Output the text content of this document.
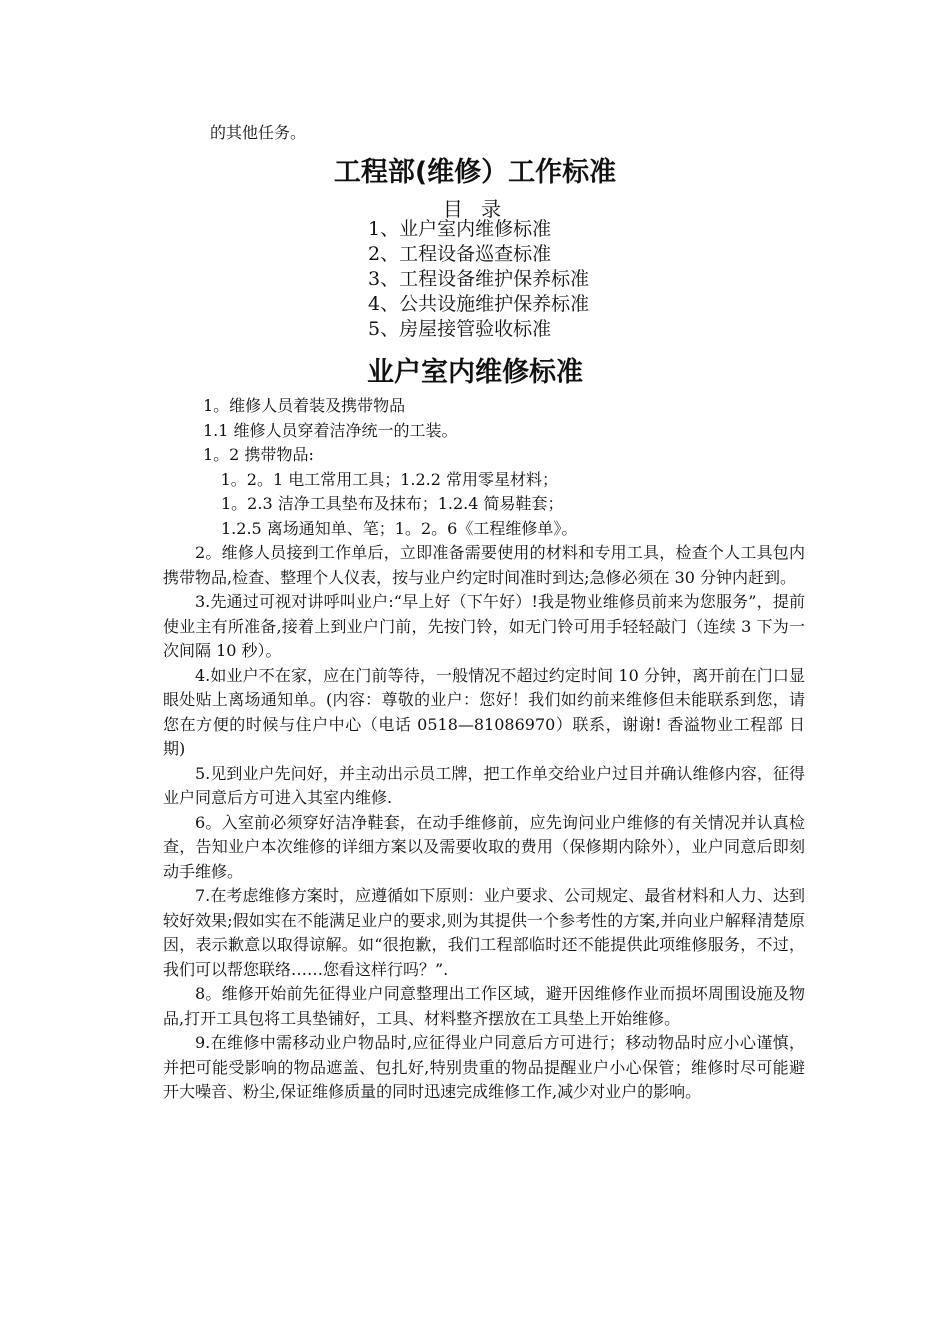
的其他任务。
工程部(维修）工作标准
目 录
1、业户室内维修标准
2、工程设备巡查标准
3、工程设备维护保养标准
4、公共设施维护保养标准
5、房屋接管验收标准
业户室内维修标准

1。维修人员着装及携带物品

1.1 维修人员穿着洁净统一的工装。

1。2 携带物品:

1。2。1 电工常用工具；1.2.2 常用零星材料；

1。2.3 洁净工具垫布及抹布；1.2.4 简易鞋套；

1.2.5 离场通知单、笔；1。2。6《工程维修单》。

2。维修人员接到工作单后，立即准备需要使用的材料和专用工具，检查个人工具包内携带物品,检查、整理个人仪表，按与业户约定时间准时到达;急修必须在 30 分钟内赶到。

3.先通过可视对讲呼叫业户:“早上好（下午好）!我是物业维修员前来为您服务”，提前使业主有所准备,接着上到业户门前，先按门铃，如无门铃可用手轻轻敲门（连续 3 下为一次间隔 10 秒）。

4.如业户不在家，应在门前等待，一般情况不超过约定时间 10 分钟，离开前在门口显眼处贴上离场通知单。(内容：尊敬的业户：您好！我们如约前来维修但未能联系到您，请您在方便的时候与住户中心（电话 0518—81086970）联系，谢谢! 香溢物业工程部 日期)

5.见到业户先问好，并主动出示员工牌，把工作单交给业户过目并确认维修内容，征得业户同意后方可进入其室内维修.

6。入室前必须穿好洁净鞋套，在动手维修前，应先询问业户维修的有关情况并认真检查，告知业户本次维修的详细方案以及需要收取的费用（保修期内除外），业户同意后即刻动手维修。

7.在考虑维修方案时，应遵循如下原则：业户要求、公司规定、最省材料和人力、达到较好效果;假如实在不能满足业户的要求,则为其提供一个参考性的方案,并向业户解释清楚原因，表示歉意以取得谅解。如“很抱歉，我们工程部临时还不能提供此项维修服务，不过，我们可以帮您联络……您看这样行吗？”.

8。维修开始前先征得业户同意整理出工作区域，避开因维修作业而损坏周围设施及物品,打开工具包将工具垫铺好，工具、材料整齐摆放在工具垫上开始维修。

9.在维修中需移动业户物品时,应征得业户同意后方可进行；移动物品时应小心谨慎，并把可能受影响的物品遮盖、包扎好,特别贵重的物品提醒业户小心保管；维修时尽可能避开大噪音、粉尘,保证维修质量的同时迅速完成维修工作,减少对业户的影响。
